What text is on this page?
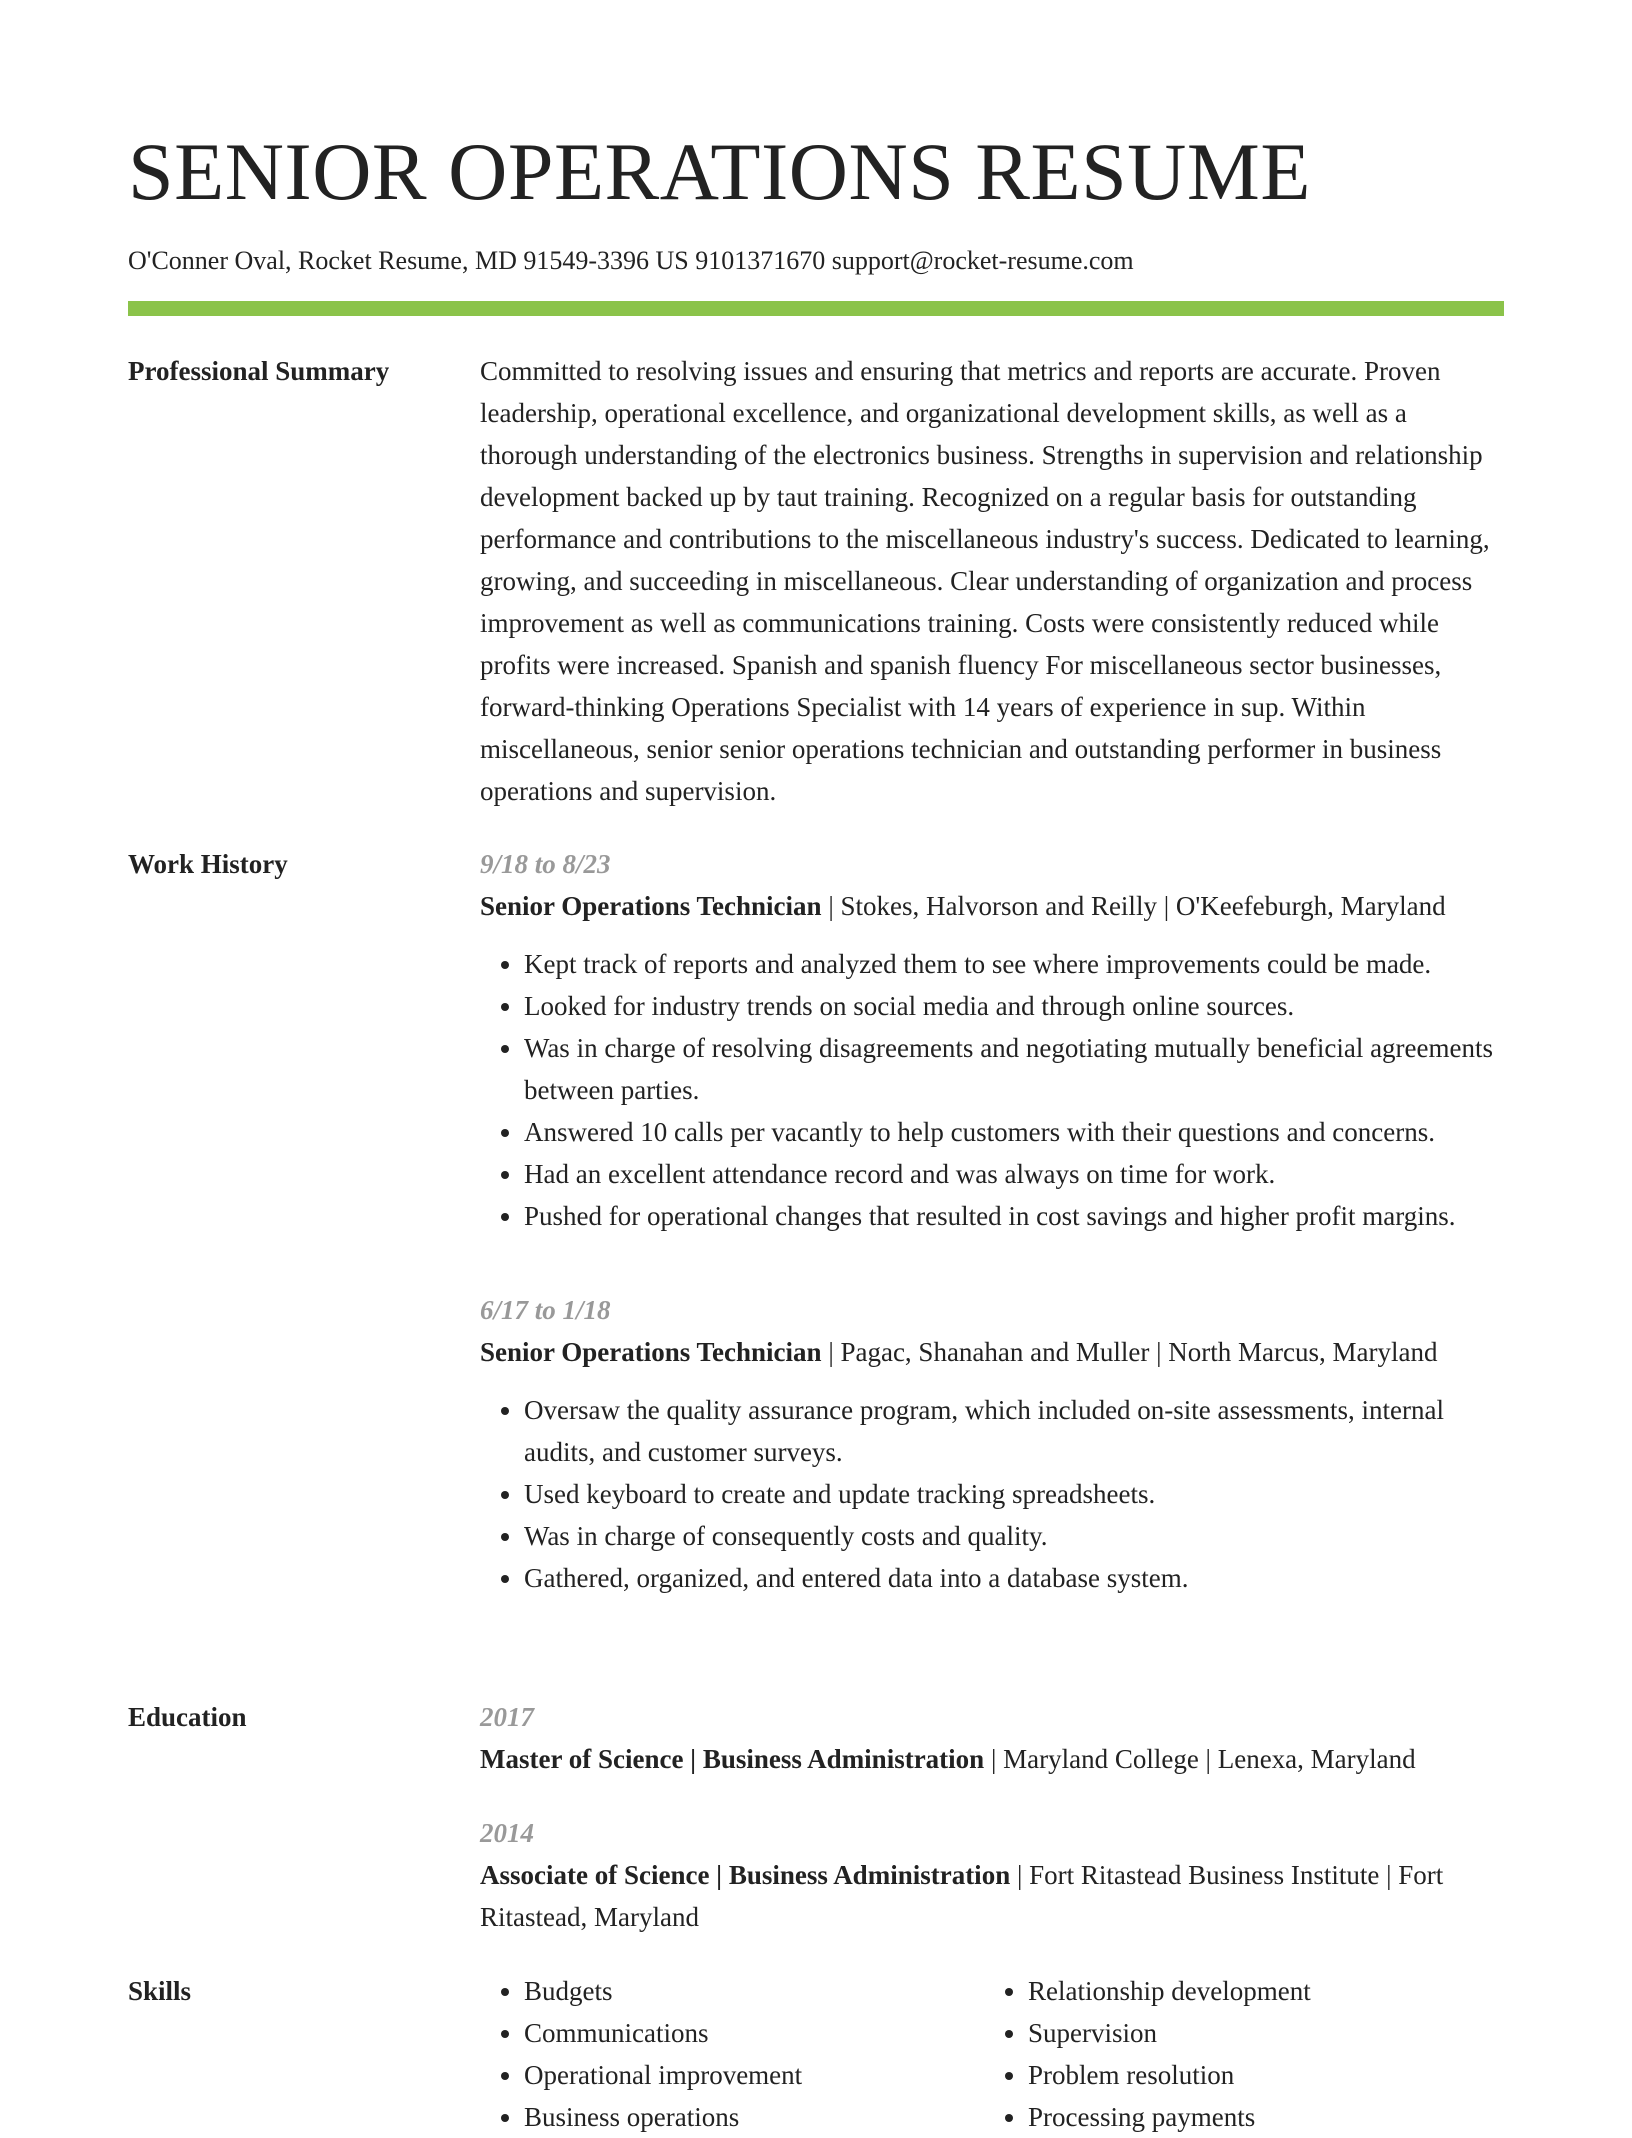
SENIOR OPERATIONS RESUME
O'Conner Oval, Rocket Resume, MD 91549-3396 US 9101371670 support@rocket-resume.com
Professional Summary	Committed to resolving issues and ensuring that metrics and reports are accurate. Proven leadership, operational excellence, and organizational development skills, as well as a thorough understanding of the electronics business. Strengths in supervision and relationship development backed up by taut training. Recognized on a regular basis for outstanding performance and contributions to the miscellaneous industry's success. Dedicated to learning, growing, and succeeding in miscellaneous. Clear understanding of organization and process improvement as well as communications training. Costs were consistently reduced while profits were increased. Spanish and spanish fluency For miscellaneous sector businesses, forward-thinking Operations Specialist with 14 years of experience in sup. Within miscellaneous, senior senior operations technician and outstanding performer in business operations and supervision.
Work History	9/18 to 8/23
Senior Operations Technician | Stokes, Halvorson and Reilly | O'Keefeburgh, Maryland
• Kept track of reports and analyzed them to see where improvements could be made.
• Looked for industry trends on social media and through online sources.
• Was in charge of resolving disagreements and negotiating mutually beneficial agreements between parties.
• Answered 10 calls per vacantly to help customers with their questions and concerns.
• Had an excellent attendance record and was always on time for work.
• Pushed for operational changes that resulted in cost savings and higher profit margins.
6/17 to 1/18
Senior Operations Technician | Pagac, Shanahan and Muller | North Marcus, Maryland
• Oversaw the quality assurance program, which included on-site assessments, internal audits, and customer surveys.
• Used keyboard to create and update tracking spreadsheets.
• Was in charge of consequently costs and quality.
• Gathered, organized, and entered data into a database system.
Education	2017
Master of Science | Business Administration | Maryland College | Lenexa, Maryland
2014
Associate of Science | Business Administration | Fort Ritastead Business Institute | Fort Ritastead, Maryland
Skills
•	Budgets
• Communications
• Operational improvement
• Business operations
• Relationship development
• Supervision
• Problem resolution
• Processing payments
